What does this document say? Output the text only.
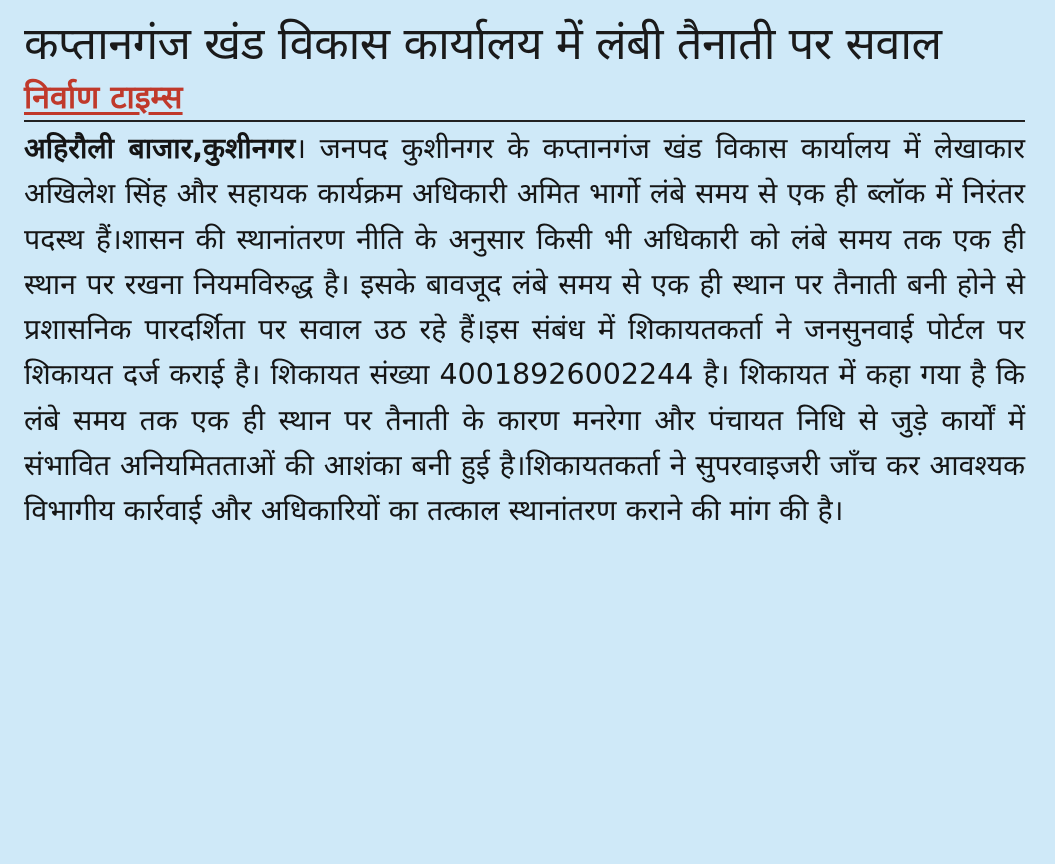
कप्तानगंज खंड विकास कार्यालय में लंबी तैनाती पर सवाल
निर्वाण टाइम्स

अहिरौली बाजार,कुशीनगर। जनपद कुशीनगर के कप्तानगंज खंड विकास कार्यालय में लेखाकार अखिलेश सिंह और सहायक कार्यक्रम अधिकारी अमित भार्गो लंबे समय से एक ही ब्लॉक में निरंतर पदस्थ हैं।शासन की स्थानांतरण नीति के अनुसार किसी भी अधिकारी को लंबे समय तक एक ही स्थान पर रखना नियमविरुद्ध है। इसके बावजूद लंबे समय से एक ही स्थान पर तैनाती बनी होने से प्रशासनिक पारदर्शिता पर सवाल उठ रहे हैं।इस संबंध में शिकायतकर्ता ने जनसुनवाई पोर्टल पर शिकायत दर्ज कराई है। शिकायत संख्या 40018926002244 है। शिकायत में कहा गया है कि लंबे समय तक एक ही स्थान पर तैनाती के कारण मनरेगा और पंचायत निधि से जुड़े कार्यों में संभावित अनियमितताओं की आशंका बनी हुई है।शिकायतकर्ता ने सुपरवाइजरी जाँच कर आवश्यक विभागीय कार्रवाई और अधिकारियों का तत्काल स्थानांतरण कराने की मांग की है।
